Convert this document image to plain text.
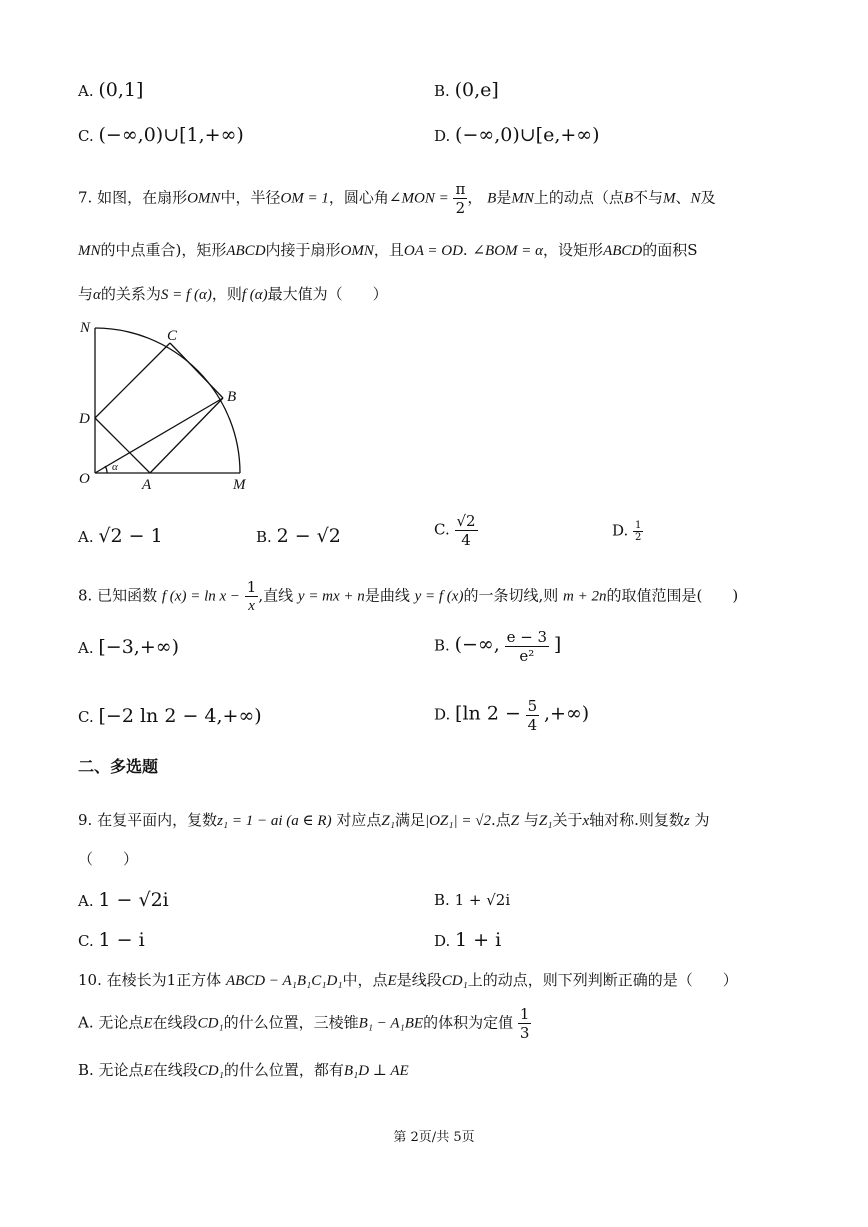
A. (0,1]	B. (0,e]
C. (−∞,0)∪[1,+∞)	D. (−∞,0)∪[e,+∞)
7. 如图，在扇形OMN中，半径OM = 1，圆心角∠MON = $\frac{\pi}{2}$ ， B是MN上的动点（点B不与M、N及
MN的中点重合)，矩形ABCD内接于扇形OMN，且OA = OD. ∠BOM = α，设矩形ABCD的面积S
与α的关系为S = f (α)，则f (α)最大值为（　　）
N	C
B
D
O	A	M
α
A. √2 − 1	B. 2 − √2	C. $\frac{√2}{4}$	D. $\frac{1}{2}$
8. 已知函数 f $(x) = \ln x - \frac{1}{x}$ ,直线 y = mx + n是曲线 y = f (x)的一条切线,则 m + 2n的取值范围是(　　)
A. [−3,+∞)	B. (−∞, $\frac{e - 3}{\text{e²}}$ ]
C. [−2 ln 2 − 4,+∞)	D. [ln $2 - \frac{5}{4}$ ,+∞)
二、多选题
9. 在复平面内，复数z₁ = 1 − ai (a ∈ R) 对应点Z₁满足|OZ₁| = √2.点Z 与Z₁关于x轴对称.则复数z 为
（　　）
A. 1 − √2i	B. 1 + √2i
C. 1 − i	D. 1 + i
10. 在棱长为1正方体 ABCD − A₁B₁C₁D₁中，点E是线段CD₁上的动点，则下列判断正确的是（　　）
A. 无论点E在线段CD₁的什么位置，三棱锥B₁ − A₁BE的体积为定值 $\frac{1}{3}$
B. 无论点E在线段CD₁的什么位置，都有B₁D ⊥ AE
第 2页/共 5页
